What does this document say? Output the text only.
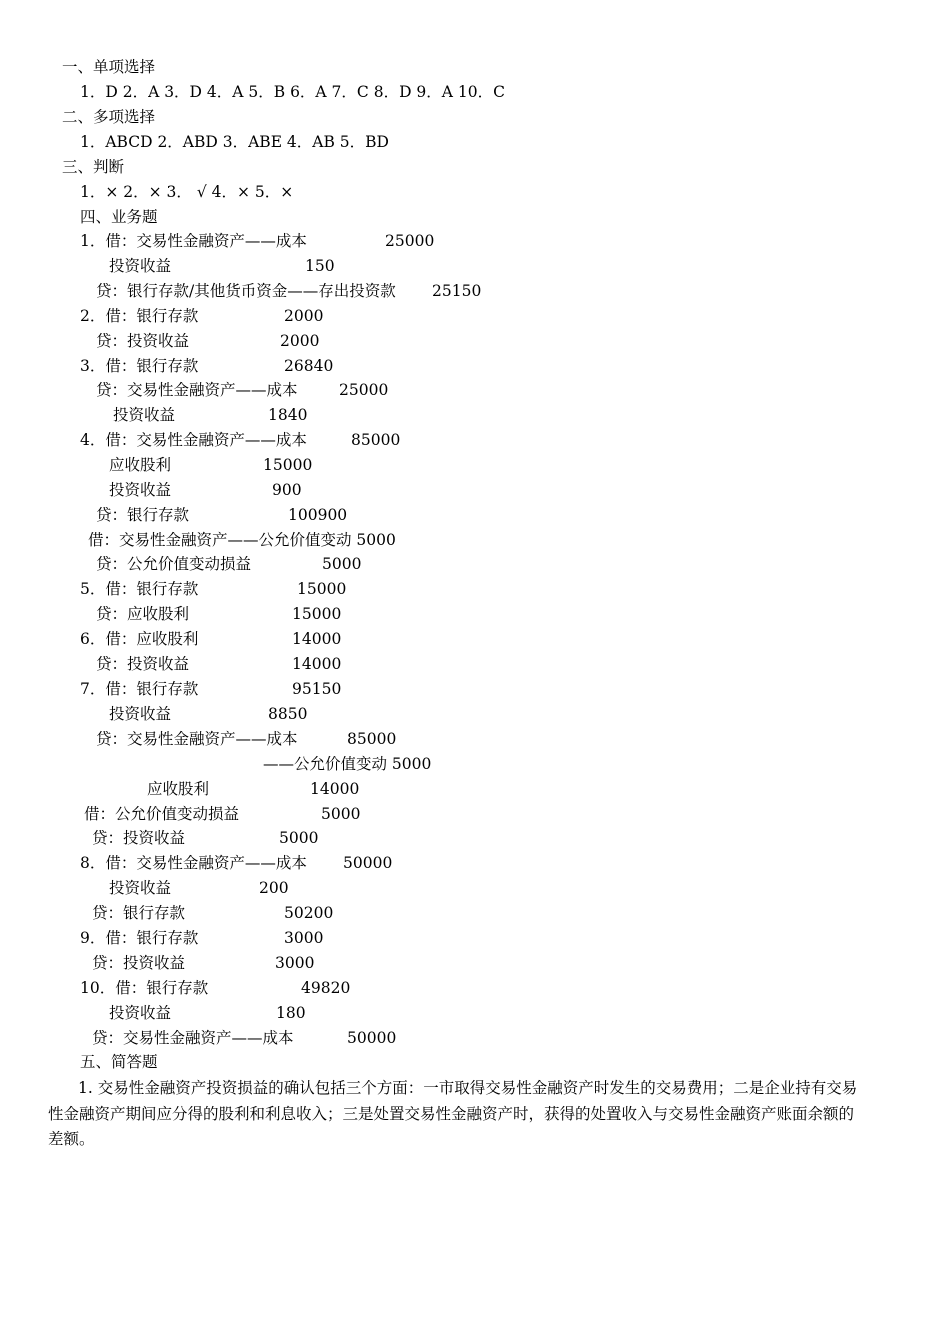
一、单项选择
1．D 2．A 3．D 4．A 5．B 6．A 7．C 8．D 9．A 10．C
二、多项选择
1．ABCD 2．ABD 3．ABE 4．AB 5．BD
三、判断
1．× 2．× 3． √ 4．× 5．×
四、业务题
1．借：交易性金融资产——成本	25000
投资收益	150
贷：银行存款/其他货币资金——存出投资款 25150
2．借：银行存款	2000
贷：投资收益	2000
3．借：银行存款	26840
贷：交易性金融资产——成本	25000
投资收益	1840
4．借：交易性金融资产——成本	85000
应收股利	15000
投资收益	900
贷：银行存款	100900
借：交易性金融资产——公允价值变动 5000
贷：公允价值变动损益	5000
5．借：银行存款	15000
贷：应收股利	15000
6．借：应收股利	14000
贷：投资收益	14000
7．借：银行存款	95150
投资收益	8850
贷：交易性金融资产——成本	85000
——公允价值变动 5000
应收股利	14000
借：公允价值变动损益	5000
贷：投资收益	5000
8．借：交易性金融资产——成本 50000
投资收益	200
贷：银行存款	50200
9．借：银行存款	3000
贷：投资收益	3000
10．借：银行存款	49820
投资收益	180
贷：交易性金融资产——成本	50000
五、简答题

1. 交易性金融资产投资损益的确认包括三个方面：一市取得交易性金融资产时发生的交易费用；二是企业持有交易性金融资产期间应分得的股利和利息收入；三是处置交易性金融资产时，获得的处置收入与交易性金融资产账面余额的差额。
